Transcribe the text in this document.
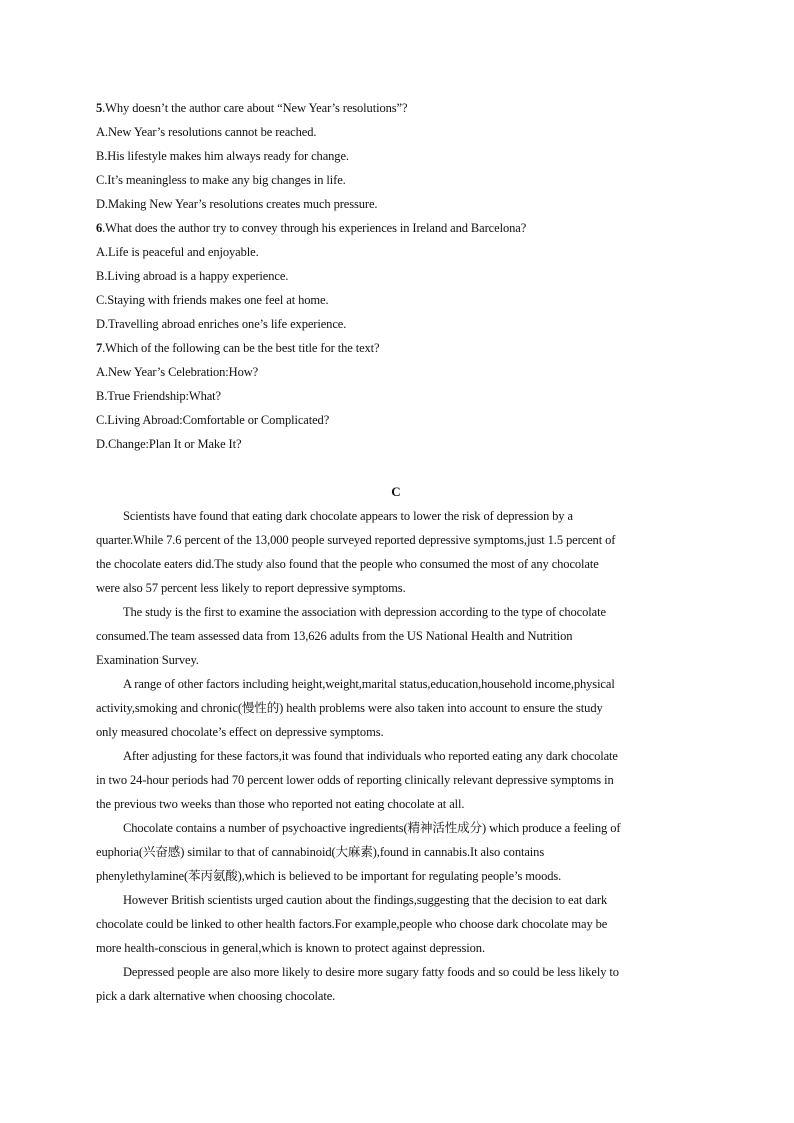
5.Why doesn’t the author care about “New Year’s resolutions”?
A.New Year’s resolutions cannot be reached.
B.His lifestyle makes him always ready for change.
C.It’s meaningless to make any big changes in life.
D.Making New Year’s resolutions creates much pressure.
6.What does the author try to convey through his experiences in Ireland and Barcelona?
A.Life is peaceful and enjoyable.
B.Living abroad is a happy experience.
C.Staying with friends makes one feel at home.
D.Travelling abroad enriches one’s life experience.
7.Which of the following can be the best title for the text?
A.New Year’s Celebration:How?
B.True Friendship:What?
C.Living Abroad:Comfortable or Complicated?
D.Change:Plan It or Make It?
C
Scientists have found that eating dark chocolate appears to lower the risk of depression by a
quarter.While 7.6 percent of the 13,000 people surveyed reported depressive symptoms,just 1.5 percent of
the chocolate eaters did.The study also found that the people who consumed the most of any chocolate
were also 57 percent less likely to report depressive symptoms.
The study is the first to examine the association with depression according to the type of chocolate
consumed.The team assessed data from 13,626 adults from the US National Health and Nutrition
Examination Survey.
A range of other factors including height,weight,marital status,education,household income,physical
activity,smoking and chronic(慢性的) health problems were also taken into account to ensure the study
only measured chocolate’s effect on depressive symptoms.
After adjusting for these factors,it was found that individuals who reported eating any dark chocolate
in two 24-hour periods had 70 percent lower odds of reporting clinically relevant depressive symptoms in
the previous two weeks than those who reported not eating chocolate at all.
Chocolate contains a number of psychoactive ingredients(精神活性成分) which produce a feeling of
euphoria(兴奋感) similar to that of cannabinoid(大麻素),found in cannabis.It also contains
phenylethylamine(苯丙氨酸),which is believed to be important for regulating people’s moods.
However British scientists urged caution about the findings,suggesting that the decision to eat dark
chocolate could be linked to other health factors.For example,people who choose dark chocolate may be
more health-conscious in general,which is known to protect against depression.
Depressed people are also more likely to desire more sugary fatty foods and so could be less likely to
pick a dark alternative when choosing chocolate.
